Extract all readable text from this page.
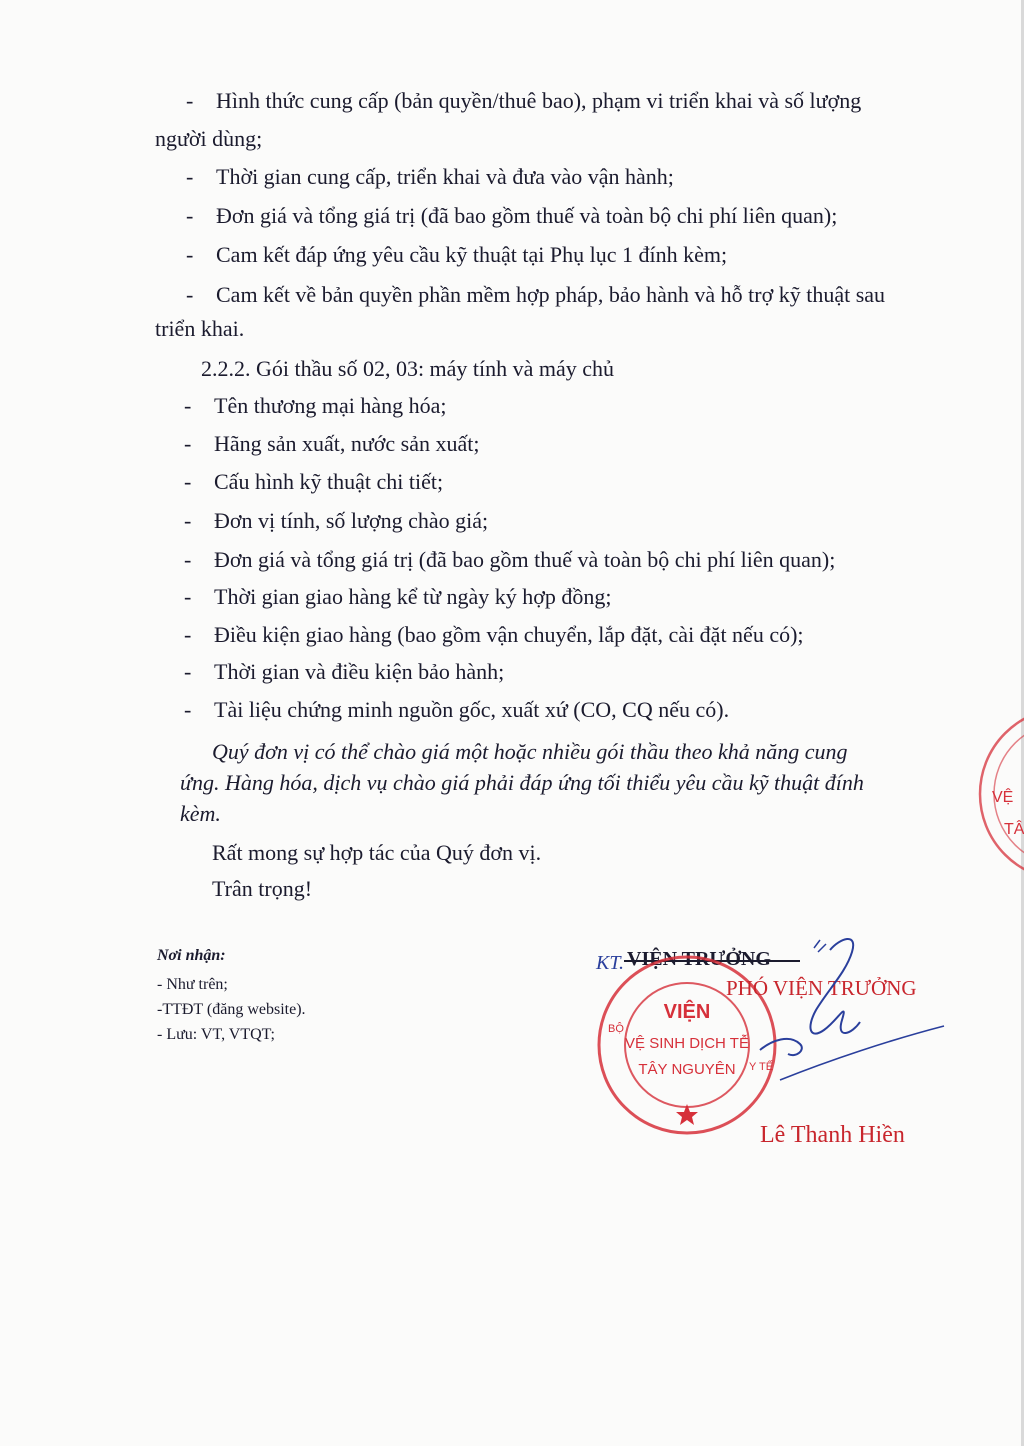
- Hình thức cung cấp (bản quyền/thuê bao), phạm vi triển khai và số lượng
người dùng;
- Thời gian cung cấp, triển khai và đưa vào vận hành;
- Đơn giá và tổng giá trị (đã bao gồm thuế và toàn bộ chi phí liên quan);
- Cam kết đáp ứng yêu cầu kỹ thuật tại Phụ lục 1 đính kèm;
- Cam kết về bản quyền phần mềm hợp pháp, bảo hành và hỗ trợ kỹ thuật sau
triển khai.
2.2.2. Gói thầu số 02, 03: máy tính và máy chủ
- Tên thương mại hàng hóa;
- Hãng sản xuất, nước sản xuất;
- Cấu hình kỹ thuật chi tiết;
- Đơn vị tính, số lượng chào giá;
- Đơn giá và tổng giá trị (đã bao gồm thuế và toàn bộ chi phí liên quan);
- Thời gian giao hàng kể từ ngày ký hợp đồng;
- Điều kiện giao hàng (bao gồm vận chuyển, lắp đặt, cài đặt nếu có);
- Thời gian và điều kiện bảo hành;
- Tài liệu chứng minh nguồn gốc, xuất xứ (CO, CQ nếu có).
Quý đơn vị có thể chào giá một hoặc nhiều gói thầu theo khả năng cung
ứng. Hàng hóa, dịch vụ chào giá phải đáp ứng tối thiểu yêu cầu kỹ thuật đính
kèm.
Rất mong sự hợp tác của Quý đơn vị.
Trân trọng!
Nơi nhận:
- Như trên;
-TTĐT (đăng website).
- Lưu: VT, VTQT;
VỆ
TÂ
KT. VIỆN TRƯỞNG
VIỆN
VỆ SINH DỊCH TỄ
TÂY NGUYÊN
BỘ
Y TẾ
PHÓ VIỆN TRƯỞNG
Lê Thanh Hiền
